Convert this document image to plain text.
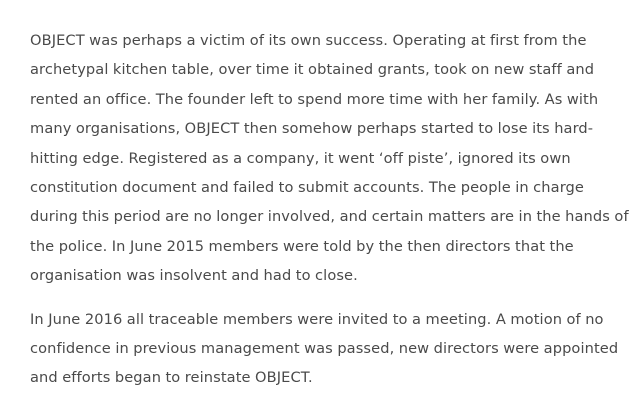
OBJECT was perhaps a victim of its own success. Operating at first from the archetypal kitchen table, over time it obtained grants, took on new staff and rented an office. The founder left to spend more time with her family. As with many organisations, OBJECT then somehow perhaps started to lose its hard-hitting edge. Registered as a company, it went ‘off piste’, ignored its own constitution document and failed to submit accounts. The people in charge during this period are no longer involved, and certain matters are in the hands of the police. In June 2015 members were told by the then directors that the organisation was insolvent and had to close.

In June 2016 all traceable members were invited to a meeting. A motion of no confidence in previous management was passed, new directors were appointed and efforts began to reinstate OBJECT.
